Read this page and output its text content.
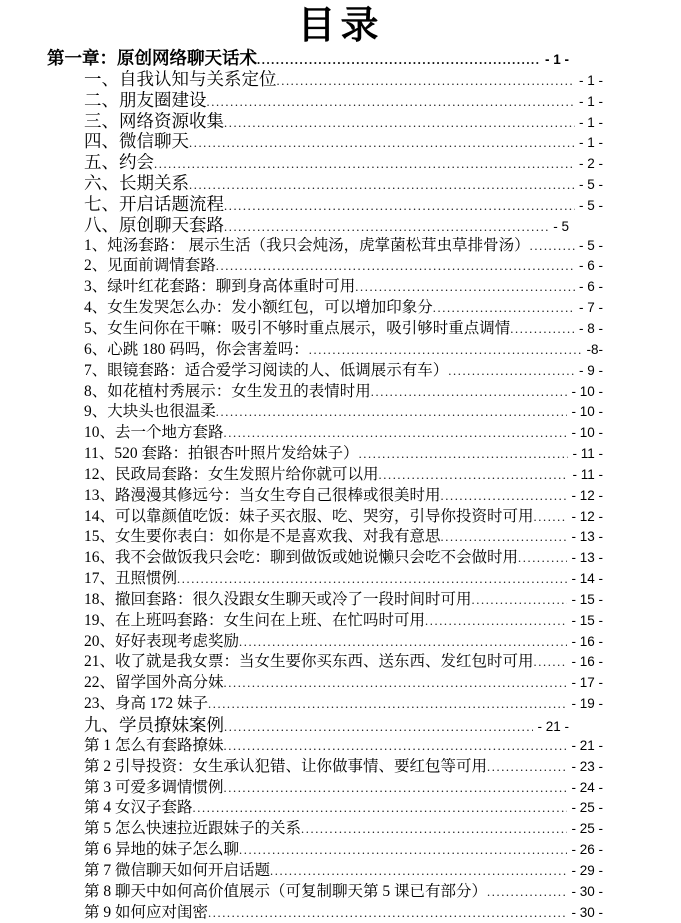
目录
第一章：原创网络聊天话术 .....	- 1 -
一、自我认知与关系定位 .....	- 1 -
二、朋友圈建设 .....	- 1 -
三、网络资源收集 .....	- 1 -
四、微信聊天 .....	- 1 -
五、约会 .....	- 2 -
六、长期关系 .....	- 5 -
七、开启话题流程 .....	- 5 -
八、原创聊天套路 .....	- 5
1、炖汤套路： 展示生活（我只会炖汤，虎掌菌松茸虫草排骨汤） .....	- 5 -
2、见面前调情套路 .....	- 6 -
3、绿叶红花套路：聊到身高体重时可用 .....	- 6 -
4、女生发哭怎么办：发小额红包，可以增加印象分 .....	- 7 -
5、女生问你在干嘛：吸引不够时重点展示，吸引够时重点调情 .....	- 8 -
6、心跳 180 码吗，你会害羞吗： .....	-8-
7、眼镜套路：适合爱学习阅读的人、低调展示有车） .....	- 9 -
8、如花植村秀展示：女生发丑的表情时用 .....	- 10 -
9、大块头也很温柔 .....	- 10 -
10、去一个地方套路 .....	- 10 -
11、520 套路：拍银杏叶照片发给妹子） .....	- 11 -
12、民政局套路：女生发照片给你就可以用 .....	- 11 -
13、路漫漫其修远兮：当女生夸自己很棒或很美时用 .....	- 12 -
14、可以靠颜值吃饭：妹子买衣服、吃、哭穷，引导你投资时可用 .....	- 12 -
15、女生要你表白：如你是不是喜欢我、对我有意思 .....	- 13 -
16、我不会做饭我只会吃：聊到做饭或她说懒只会吃不会做时用 .....	- 13 -
17、丑照惯例 .....	- 14 -
18、撤回套路：很久没跟女生聊天或冷了一段时间时可用 .....	- 15 -
19、在上班吗套路：女生问在上班、在忙吗时可用 .....	- 15 -
20、好好表现考虑奖励 .....	- 16 -
21、收了就是我女票：当女生要你买东西、送东西、发红包时可用 .....	- 16 -
22、留学国外高分妹 .....	- 17 -
23、身高 172 妹子 .....	- 19 -
九、学员撩妹案例 .....	- 21 -
第 1 怎么有套路撩妹 .....	- 21 -
第 2 引导投资：女生承认犯错、让你做事情、要红包等可用 .....	- 23 -
第 3 可爱多调情惯例 .....	- 24 -
第 4 女汉子套路 .....	- 25 -
第 5 怎么快速拉近跟妹子的关系 .....	- 25 -
第 6 异地的妹子怎么聊 .....	- 26 -
第 7 微信聊天如何开启话题 .....	- 29 -
第 8 聊天中如何高价值展示（可复制聊天第 5 课已有部分） .....	- 30 -
第 9 如何应对闺密 .....	- 30 -
